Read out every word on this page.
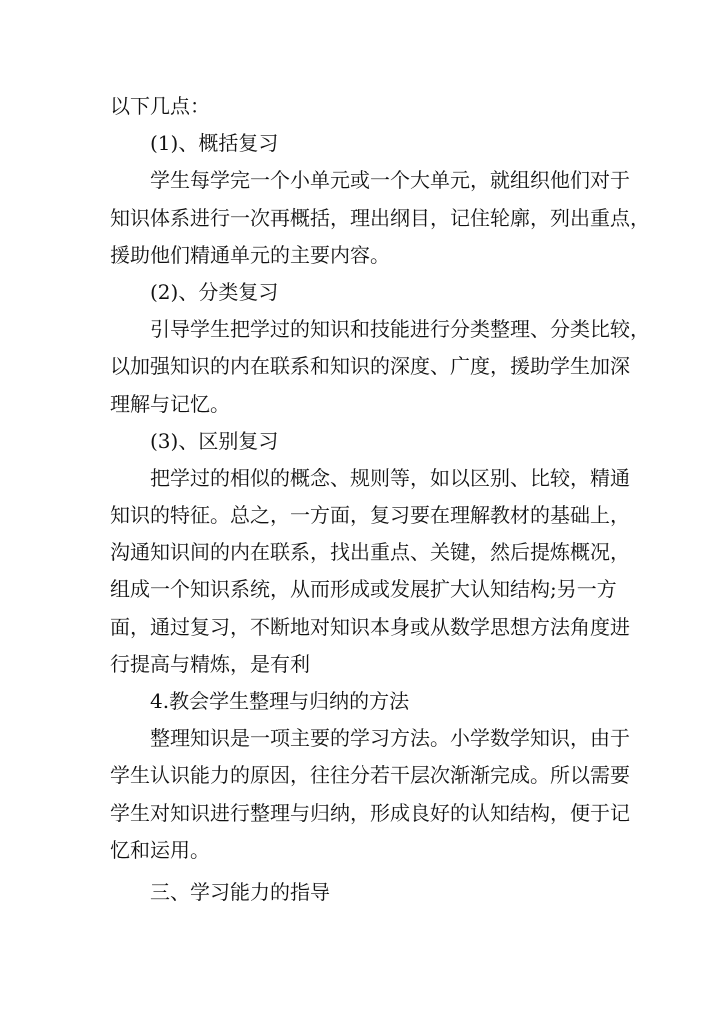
以下几点：
(1)、概括复习
学生每学完一个小单元或一个大单元，就组织他们对于
知识体系进行一次再概括，理出纲目，记住轮廓，列出重点，
援助他们精通单元的主要内容。
(2)、分类复习
引导学生把学过的知识和技能进行分类整理、分类比较，
以加强知识的内在联系和知识的深度、广度，援助学生加深
理解与记忆。
(3)、区别复习
把学过的相似的概念、规则等，如以区别、比较，精通
知识的特征。总之，一方面，复习要在理解教材的基础上，
沟通知识间的内在联系，找出重点、关键，然后提炼概况，
组成一个知识系统，从而形成或发展扩大认知结构;另一方
面，通过复习，不断地对知识本身或从数学思想方法角度进
行提高与精炼，是有利
4.教会学生整理与归纳的方法
整理知识是一项主要的学习方法。小学数学知识，由于
学生认识能力的原因，往往分若干层次渐渐完成。所以需要
学生对知识进行整理与归纳，形成良好的认知结构，便于记
忆和运用。
三、学习能力的指导
